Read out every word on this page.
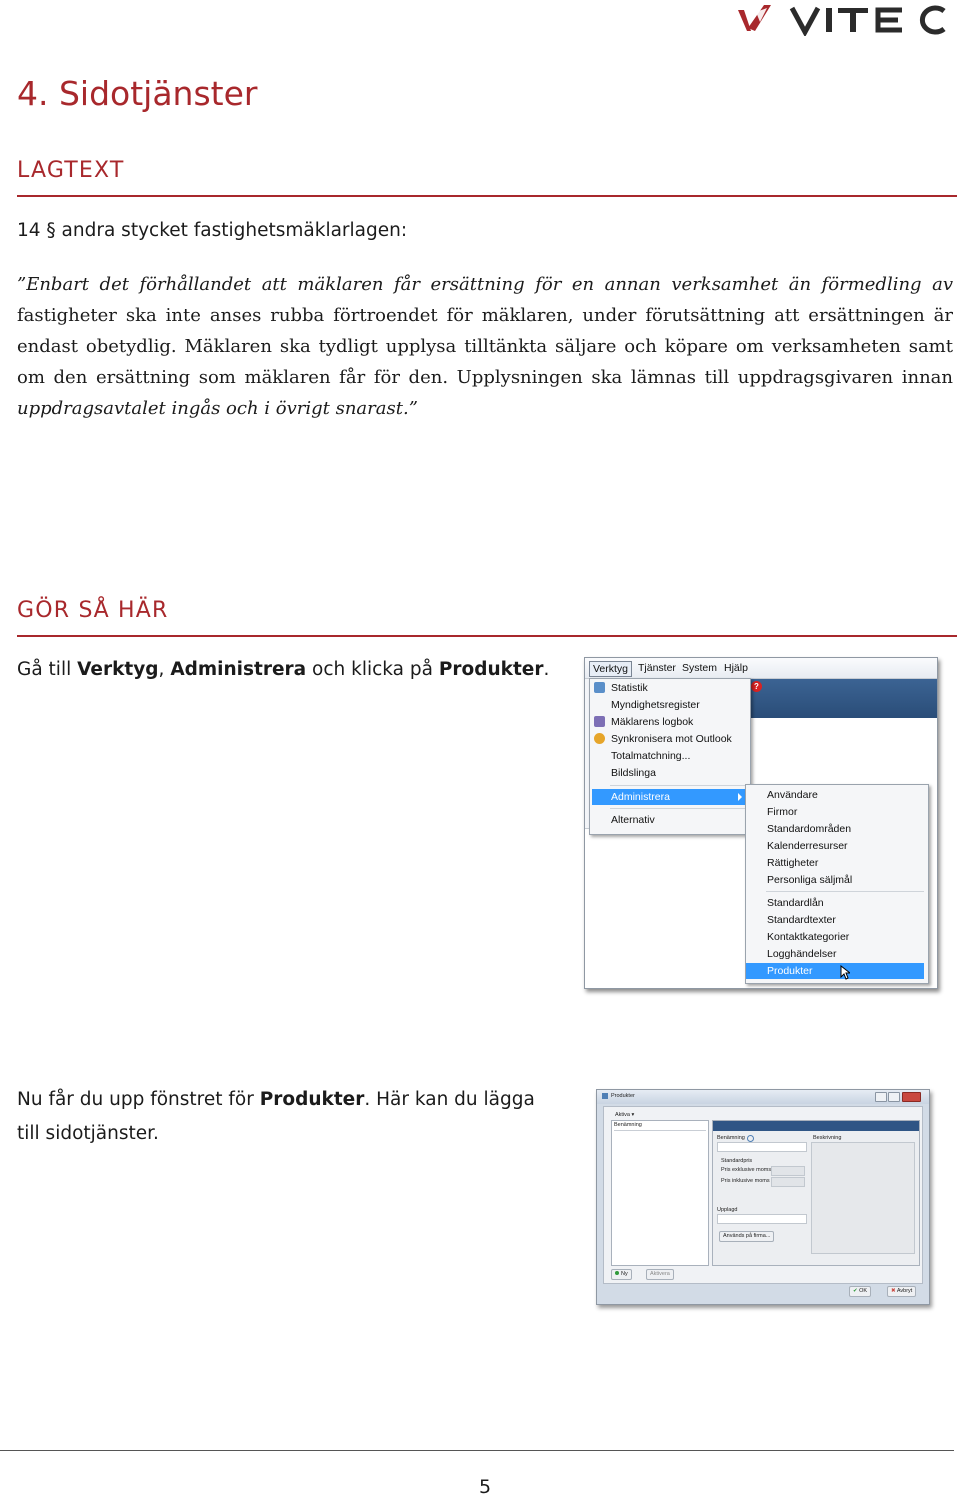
4. Sidotjänster
LAGTEXT
14 § andra stycket fastighetsmäklarlagen:
”Enbart det förhållandet att mäklaren får ersättning för en annan verksamhet än förmedling av
fastigheter ska inte anses rubba förtroendet för mäklaren, under förutsättning att ersättningen är
endast obetydlig. Mäklaren ska tydligt upplysa tilltänkta säljare och köpare om verksamheten samt
om den ersättning som mäklaren får för den. Upplysningen ska lämnas till uppdragsgivaren innan
uppdragsavtalet ingås och i övrigt snarast.”
GÖR SÅ HÄR
Gå till Verktyg, Administrera och klicka på Produkter.
?
Verktyg Tjänster System Hjälp
Statistik
Myndighetsregister
Mäklarens logbok
Synkronisera mot Outlook
Totalmatchning...
Bildslinga
Administrera
Alternativ
Användare
Firmor
Standardområden
Kalenderresurser
Rättigheter
Personliga säljmål
Standardlån
Standardtexter
Kontaktkategorier
Logghändelser
Produkter
Nu får du upp fönstret för Produkter. Här kan du lägga
till sidotjänster.
Produkter
Aktiva ▾
Benämning
Benämning	Beskrivning
Standardpris
Pris exklusive moms
Pris inklusive moms
Upplagd
Används på firma...
Ny	Aktivera
✔ OK	✖ Avbryt
5
